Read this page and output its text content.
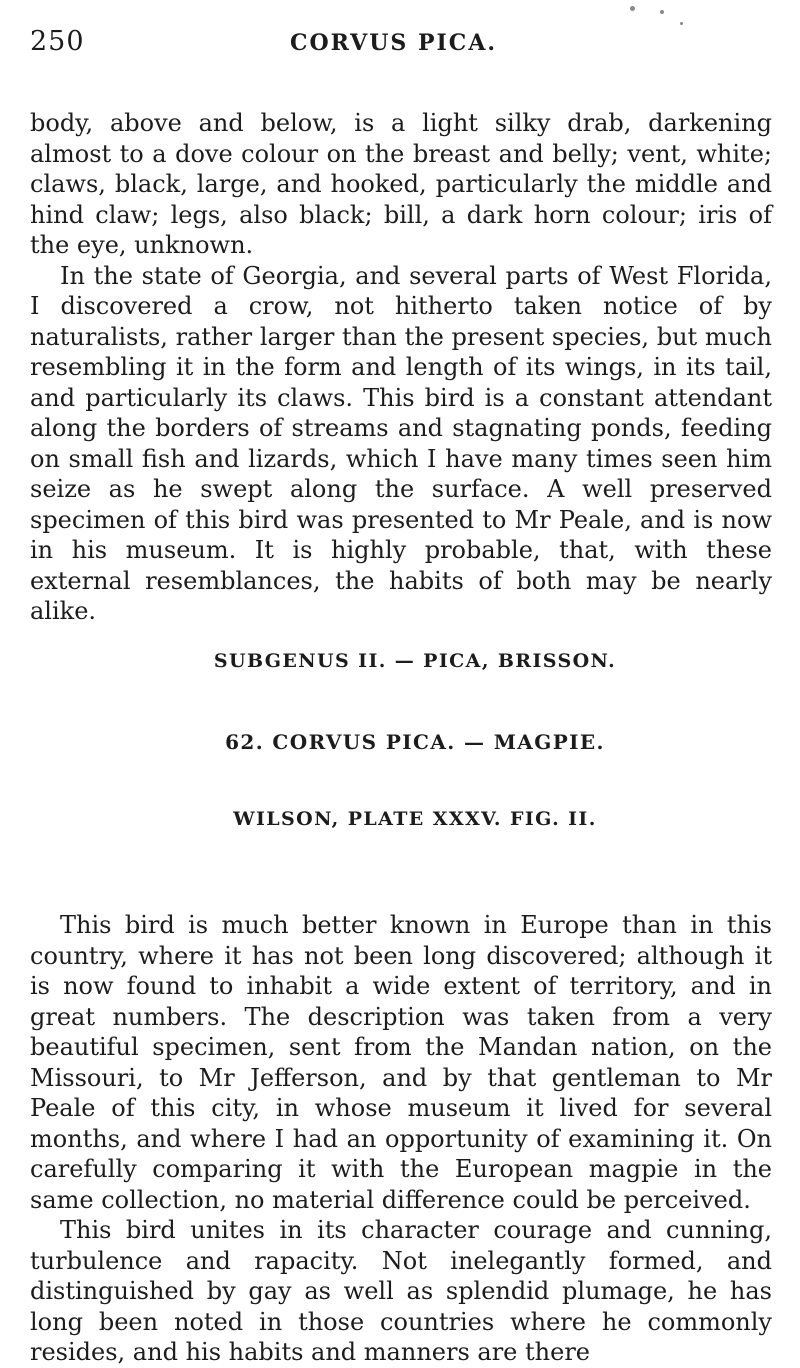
250	CORVUS PICA.

body, above and below, is a light silky drab, darkening almost to a dove colour on the breast and belly; vent, white; claws, black, large, and hooked, particularly the middle and hind claw; legs, also black; bill, a dark horn colour; iris of the eye, unknown.

In the state of Georgia, and several parts of West Florida, I discovered a crow, not hitherto taken notice of by naturalists, rather larger than the present species, but much resembling it in the form and length of its wings, in its tail, and particularly its claws. This bird is a constant attendant along the borders of streams and stagnating ponds, feeding on small fish and lizards, which I have many times seen him seize as he swept along the surface. A well preserved specimen of this bird was presented to Mr Peale, and is now in his museum. It is highly probable, that, with these external resemblances, the habits of both may be nearly alike.

SUBGENUS II. — PICA, BRISSON.
62. CORVUS PICA. — MAGPIE.
WILSON, PLATE XXXV. FIG. II.

This bird is much better known in Europe than in this country, where it has not been long discovered; although it is now found to inhabit a wide extent of territory, and in great numbers. The description was taken from a very beautiful specimen, sent from the Mandan nation, on the Missouri, to Mr Jefferson, and by that gentleman to Mr Peale of this city, in whose museum it lived for several months, and where I had an opportunity of examining it. On carefully comparing it with the European magpie in the same collection, no material difference could be perceived.

This bird unites in its character courage and cunning, turbulence and rapacity. Not inelegantly formed, and distinguished by gay as well as splendid plumage, he has long been noted in those countries where he commonly resides, and his habits and manners are there
